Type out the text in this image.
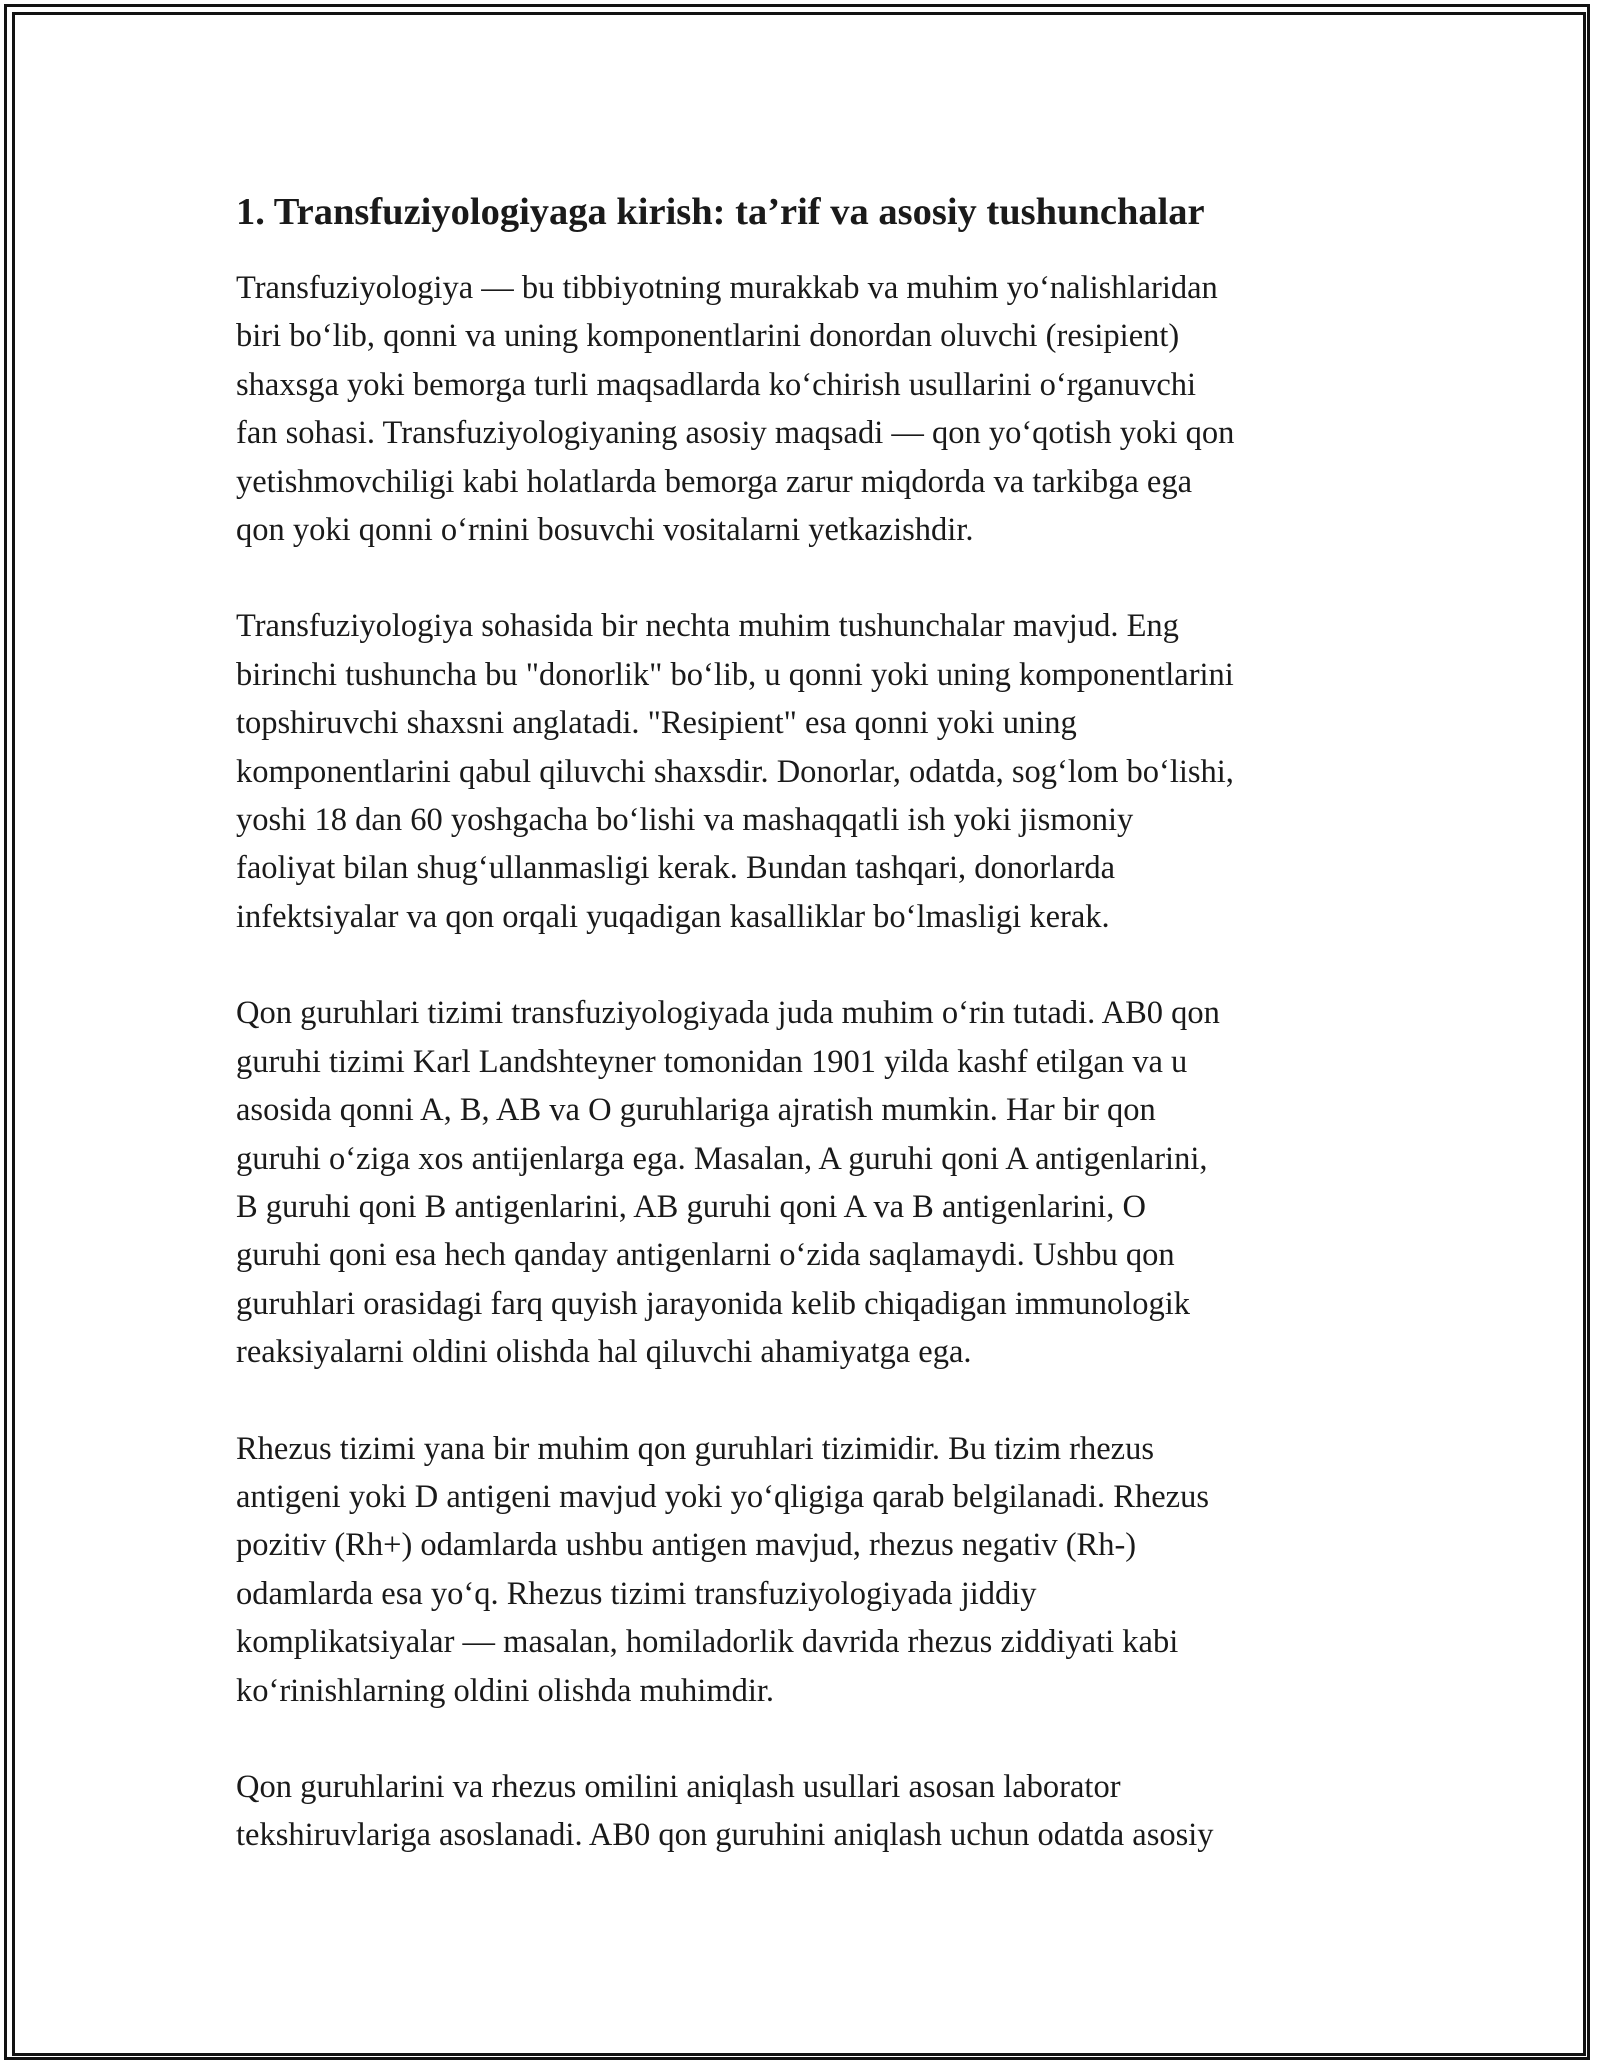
1. Transfuziyologiyaga kirish: ta’rif va asosiy tushunchalar

Transfuziyologiya — bu tibbiyotning murakkab va muhim yo‘nalishlaridan
biri bo‘lib, qonni va uning komponentlarini donordan oluvchi (resipient)
shaxsga yoki bemorga turli maqsadlarda ko‘chirish usullarini o‘rganuvchi
fan sohasi. Transfuziyologiyaning asosiy maqsadi — qon yo‘qotish yoki qon
yetishmovchiligi kabi holatlarda bemorga zarur miqdorda va tarkibga ega
qon yoki qonni o‘rnini bosuvchi vositalarni yetkazishdir.

Transfuziyologiya sohasida bir nechta muhim tushunchalar mavjud. Eng
birinchi tushuncha bu "donorlik" bo‘lib, u qonni yoki uning komponentlarini
topshiruvchi shaxsni anglatadi. "Resipient" esa qonni yoki uning
komponentlarini qabul qiluvchi shaxsdir. Donorlar, odatda, sog‘lom bo‘lishi,
yoshi 18 dan 60 yoshgacha bo‘lishi va mashaqqatli ish yoki jismoniy
faoliyat bilan shug‘ullanmasligi kerak. Bundan tashqari, donorlarda
infektsiyalar va qon orqali yuqadigan kasalliklar bo‘lmasligi kerak.

Qon guruhlari tizimi transfuziyologiyada juda muhim o‘rin tutadi. AB0 qon
guruhi tizimi Karl Landshteyner tomonidan 1901 yilda kashf etilgan va u
asosida qonni A, B, AB va O guruhlariga ajratish mumkin. Har bir qon
guruhi o‘ziga xos antijenlarga ega. Masalan, A guruhi qoni A antigenlarini,
B guruhi qoni B antigenlarini, AB guruhi qoni A va B antigenlarini, O
guruhi qoni esa hech qanday antigenlarni o‘zida saqlamaydi. Ushbu qon
guruhlari orasidagi farq quyish jarayonida kelib chiqadigan immunologik
reaksiyalarni oldini olishda hal qiluvchi ahamiyatga ega.

Rhezus tizimi yana bir muhim qon guruhlari tizimidir. Bu tizim rhezus
antigeni yoki D antigeni mavjud yoki yo‘qligiga qarab belgilanadi. Rhezus
pozitiv (Rh+) odamlarda ushbu antigen mavjud, rhezus negativ (Rh-)
odamlarda esa yo‘q. Rhezus tizimi transfuziyologiyada jiddiy
komplikatsiyalar — masalan, homiladorlik davrida rhezus ziddiyati kabi
ko‘rinishlarning oldini olishda muhimdir.

Qon guruhlarini va rhezus omilini aniqlash usullari asosan laborator
tekshiruvlariga asoslanadi. AB0 qon guruhini aniqlash uchun odatda asosiy
